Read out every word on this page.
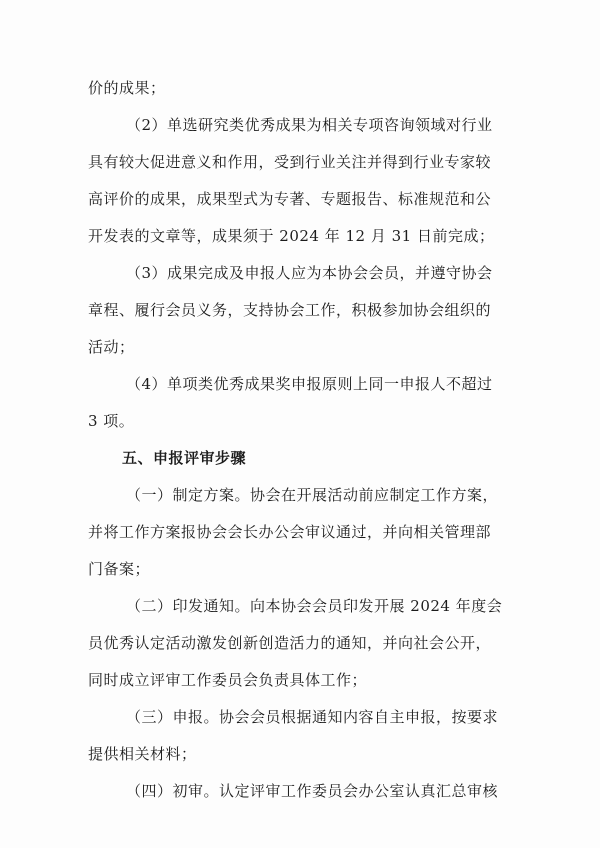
价的成果；
（2）单选研究类优秀成果为相关专项咨询领域对行业
具有较大促进意义和作用，受到行业关注并得到行业专家较
高评价的成果，成果型式为专著、专题报告、标准规范和公
开发表的文章等，成果须于 2024 年 12 月 31 日前完成；
（3）成果完成及申报人应为本协会会员，并遵守协会
章程、履行会员义务，支持协会工作，积极参加协会组织的
活动；
（4）单项类优秀成果奖申报原则上同一申报人不超过
3 项。
五、申报评审步骤
（一）制定方案。协会在开展活动前应制定工作方案，
并将工作方案报协会会长办公会审议通过，并向相关管理部
门备案；
（二）印发通知。向本协会会员印发开展 2024 年度会
员优秀认定活动激发创新创造活力的通知，并向社会公开，
同时成立评审工作委员会负责具体工作；
（三）申报。协会会员根据通知内容自主申报，按要求
提供相关材料；
（四）初审。认定评审工作委员会办公室认真汇总审核
